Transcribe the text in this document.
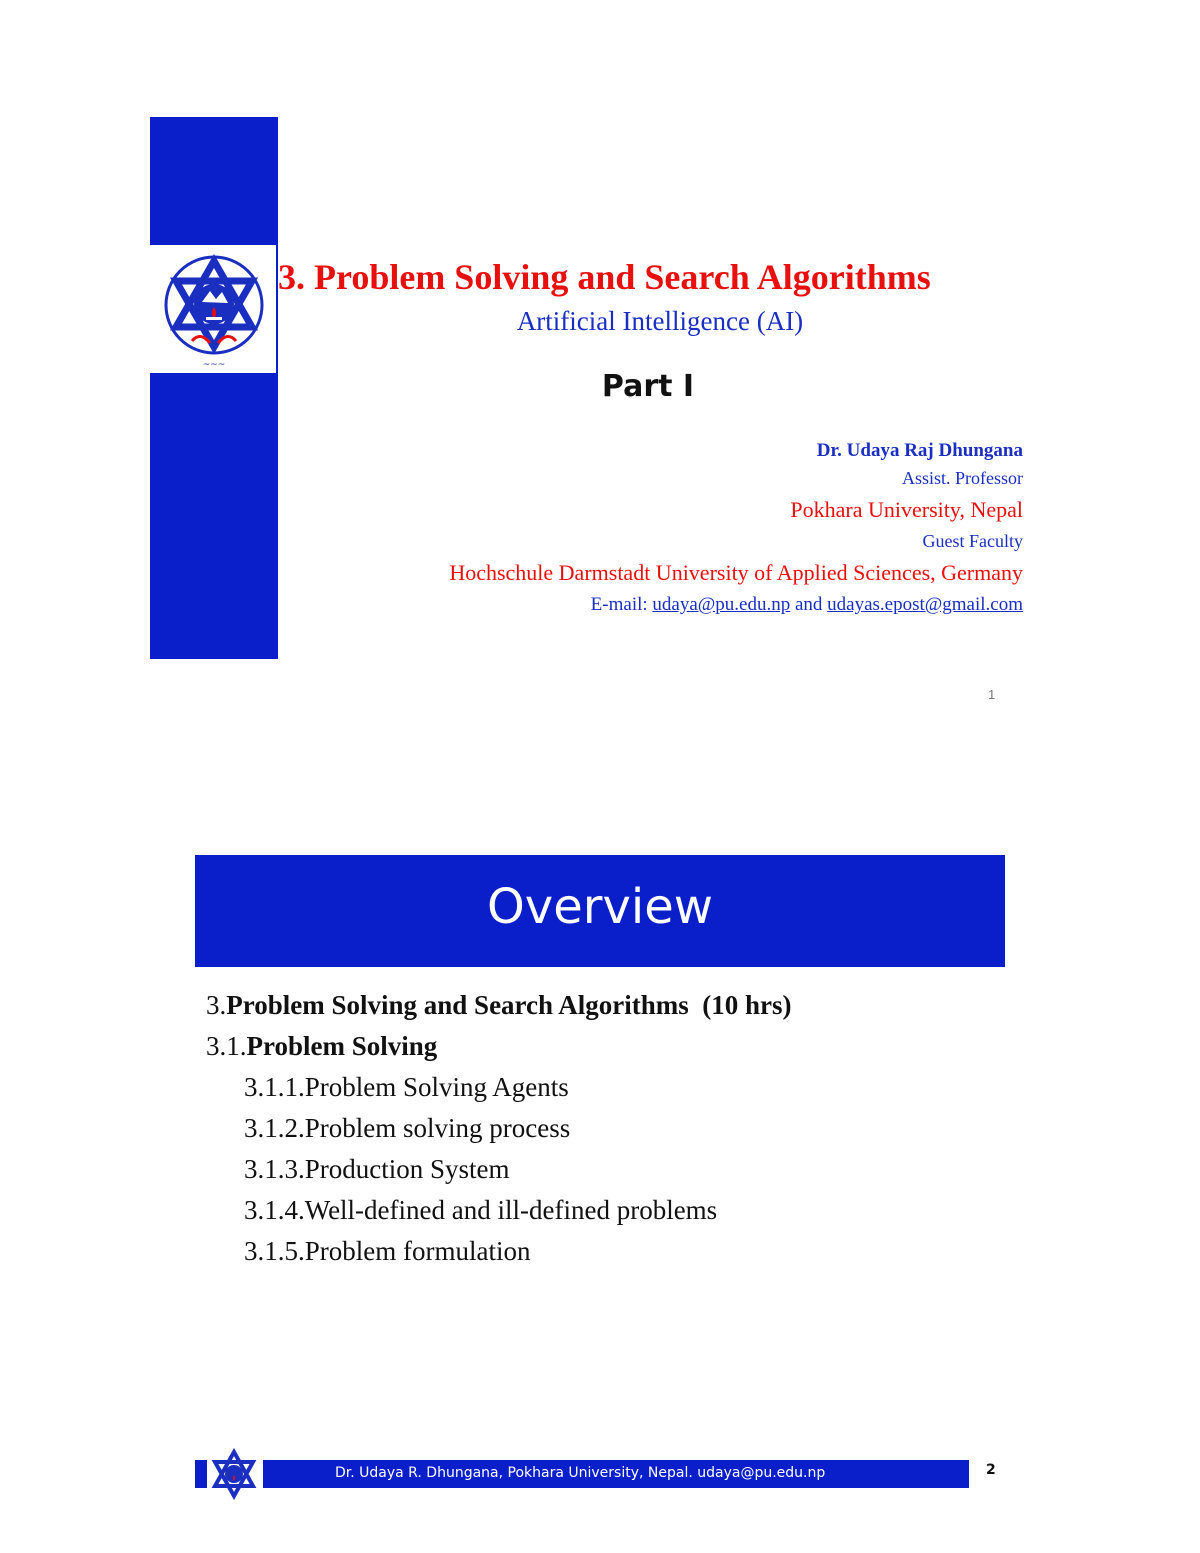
~~~
3. Problem Solving and Search Algorithms
Artificial Intelligence (AI)
Part I
Dr. Udaya Raj Dhungana
Assist. Professor
Pokhara University, Nepal
Guest Faculty
Hochschule Darmstadt University of Applied Sciences, Germany
E-mail: udaya@pu.edu.np and udayas.epost@gmail.com
1
Overview
3.Problem Solving and Search Algorithms  (10 hrs)
3.1.Problem Solving
3.1.1.Problem Solving Agents
3.1.2.Problem solving process
3.1.3.Production System
3.1.4.Well-defined and ill-defined problems
3.1.5.Problem formulation
Dr. Udaya R. Dhungana, Pokhara University, Nepal. udaya@pu.edu.np	2
